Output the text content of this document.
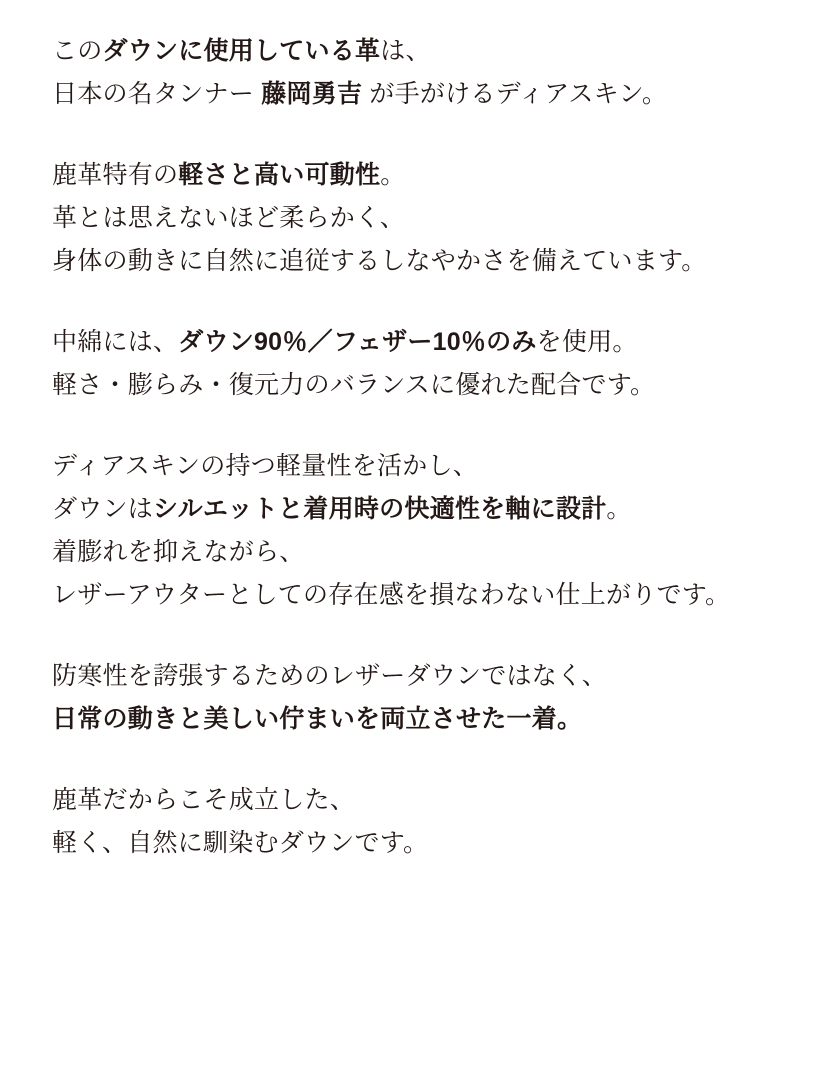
このダウンに使用している革は、
日本の名タンナー 藤岡勇吉 が手がけるディアスキン。

鹿革特有の軽さと高い可動性。
革とは思えないほど柔らかく、
身体の動きに自然に追従するしなやかさを備えています。

中綿には、ダウン90％／フェザー10％のみを使用。
軽さ・膨らみ・復元力のバランスに優れた配合です。

ディアスキンの持つ軽量性を活かし、
ダウンはシルエットと着用時の快適性を軸に設計。
着膨れを抑えながら、
レザーアウターとしての存在感を損なわない仕上がりです。

防寒性を誇張するためのレザーダウンではなく、
日常の動きと美しい佇まいを両立させた一着。

鹿革だからこそ成立した、
軽く、自然に馴染むダウンです。
